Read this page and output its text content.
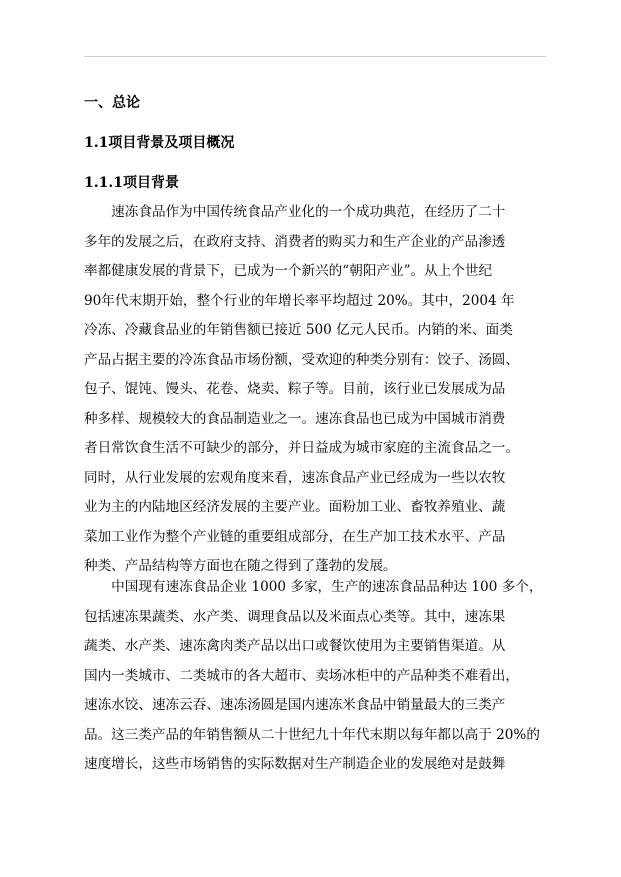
一、总论
1.1项目背景及项目概况
1.1.1项目背景
　　速冻食品作为中国传统食品产业化的一个成功典范，在经历了二十
多年的发展之后，在政府支持、消费者的购买力和生产企业的产品渗透
率都健康发展的背景下，已成为一个新兴的“朝阳产业”。从上个世纪
90年代末期开始，整个行业的年增长率平均超过 20%。其中，2004 年
冷冻、冷藏食品业的年销售额已接近 500 亿元人民币。内销的米、面类
产品占据主要的冷冻食品市场份额，受欢迎的种类分别有：饺子、汤圆、
包子、馄饨、馒头、花卷、烧卖、粽子等。目前，该行业已发展成为品
种多样、规模较大的食品制造业之一。速冻食品也已成为中国城市消费
者日常饮食生活不可缺少的部分，并日益成为城市家庭的主流食品之一。
同时，从行业发展的宏观角度来看，速冻食品产业已经成为一些以农牧
业为主的内陆地区经济发展的主要产业。面粉加工业、畜牧养殖业、蔬
菜加工业作为整个产业链的重要组成部分，在生产加工技术水平、产品
种类、产品结构等方面也在随之得到了蓬勃的发展。
　　中国现有速冻食品企业 1000 多家，生产的速冻食品品种达 100 多个，
包括速冻果蔬类、水产类、调理食品以及米面点心类等。其中，速冻果
蔬类、水产类、速冻禽肉类产品以出口或餐饮使用为主要销售渠道。从
国内一类城市、二类城市的各大超市、卖场冰柜中的产品种类不难看出，
速冻水饺、速冻云吞、速冻汤圆是国内速冻米食品中销量最大的三类产
品。这三类产品的年销售额从二十世纪九十年代末期以每年都以高于 20%的
速度增长，这些市场销售的实际数据对生产制造企业的发展绝对是鼓舞
